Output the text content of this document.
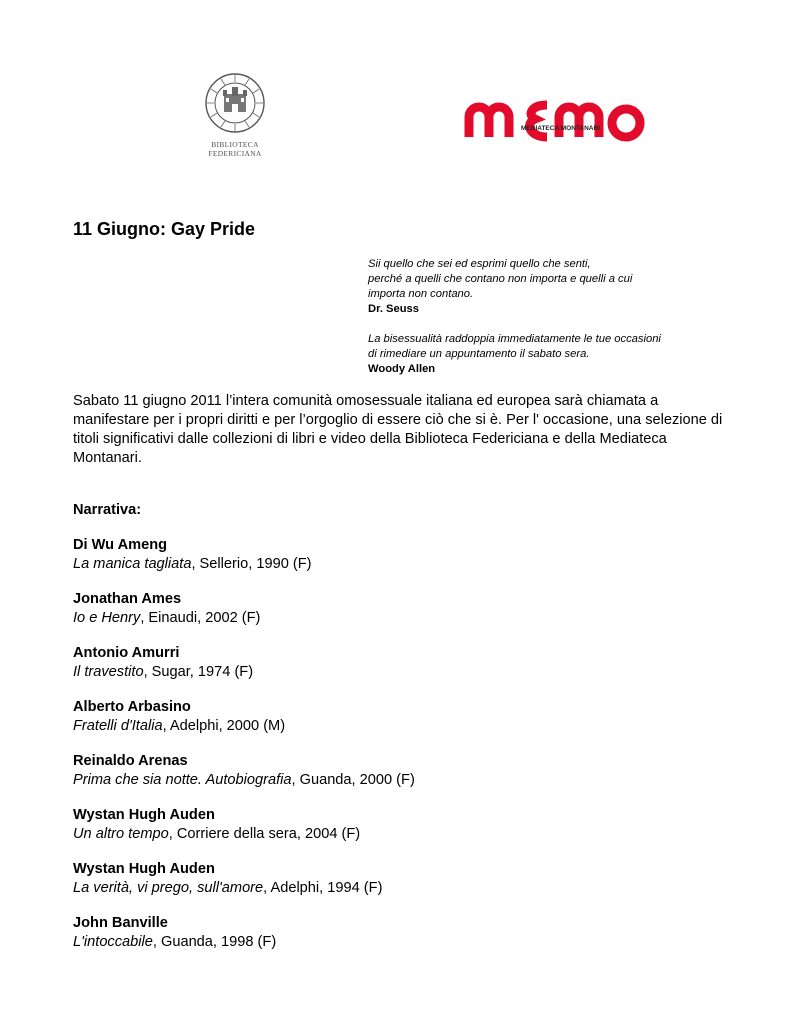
BIBLIOTECA
FEDERICIANA
MEDIATECA MONTANARI
11 Giugno: Gay Pride

Sii quello che sei ed esprimi quello che senti,
perché a quelli che contano non importa e quelli a cui
importa non contano.

Dr. Seuss

La bisessualità raddoppia immediatamente le tue occasioni
di rimediare un appuntamento il sabato sera.

Woody Allen

Sabato 11 giugno 2011 l’intera comunità omosessuale italiana ed europea sarà chiamata a manifestare per i propri diritti e per l’orgoglio di essere ciò che si è. Per l' occasione, una selezione di titoli significativi dalle collezioni di libri e video della Biblioteca Federiciana e della Mediateca Montanari.

Narrativa:

Di Wu Ameng
La manica tagliata, Sellerio, 1990 (F)
Jonathan Ames
Io e Henry, Einaudi, 2002 (F)
Antonio Amurri
Il travestito, Sugar, 1974 (F)
Alberto Arbasino
Fratelli d'Italia, Adelphi, 2000 (M)
Reinaldo Arenas
Prima che sia notte. Autobiografia, Guanda, 2000 (F)
Wystan Hugh Auden
Un altro tempo, Corriere della sera, 2004 (F)
Wystan Hugh Auden
La verità, vi prego, sull'amore, Adelphi, 1994 (F)
John Banville
L'intoccabile, Guanda, 1998 (F)
